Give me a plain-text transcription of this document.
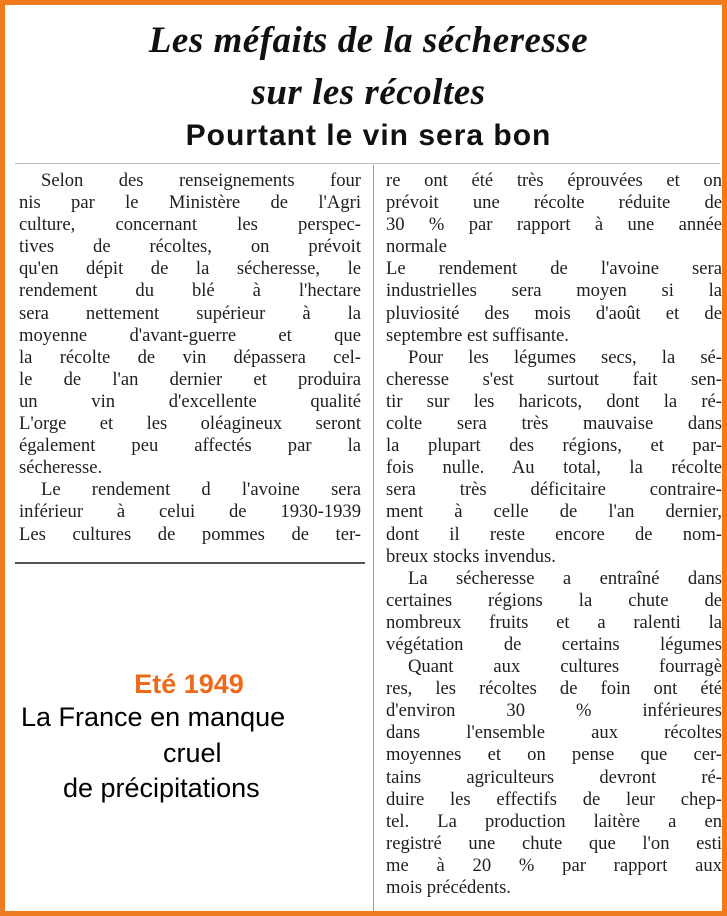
Les méfaits de la sécheresse
sur les récoltes
Pourtant le vin sera bon
Selon des renseignements four
nis par le Ministère de l'Agri
culture, concernant les perspec-
tives de récoltes, on prévoit
qu'en dépit de la sécheresse, le
rendement du blé à l'hectare
sera nettement supérieur à la
moyenne d'avant-guerre et que
la récolte de vin dépassera cel-
le de l'an dernier et produira
un vin d'excellente qualité
L'orge et les oléagineux seront
également peu affectés par la
sécheresse.
Le rendement d l'avoine sera
inférieur à celui de 1930-1939
Les cultures de pommes de ter-
re ont été très éprouvées et on
prévoit une récolte réduite de
30 % par rapport à une année
normale
Le rendement de l'avoine sera
industrielles sera moyen si la
pluviosité des mois d'août et de
septembre est suffisante.
Pour les légumes secs, la sé-
cheresse s'est surtout fait sen-
tir sur les haricots, dont la ré-
colte sera très mauvaise dans
la plupart des régions, et par-
fois nulle. Au total, la récolte
sera très déficitaire contraire-
ment à celle de l'an dernier,
dont il reste encore de nom-
breux stocks invendus.
La sécheresse a entraîné dans
certaines régions la chute de
nombreux fruits et a ralenti la
végétation de certains légumes
Quant aux cultures fourragè
res, les récoltes de foin ont été
d'environ 30 % inférieures
dans l'ensemble aux récoltes
moyennes et on pense que cer-
tains agriculteurs devront ré-
duire les effectifs de leur chep-
tel. La production laitère a en
registré une chute que l'on esti
me à 20 % par rapport aux
mois précédents.
Eté 1949
La France en manque
cruel
de précipitations
